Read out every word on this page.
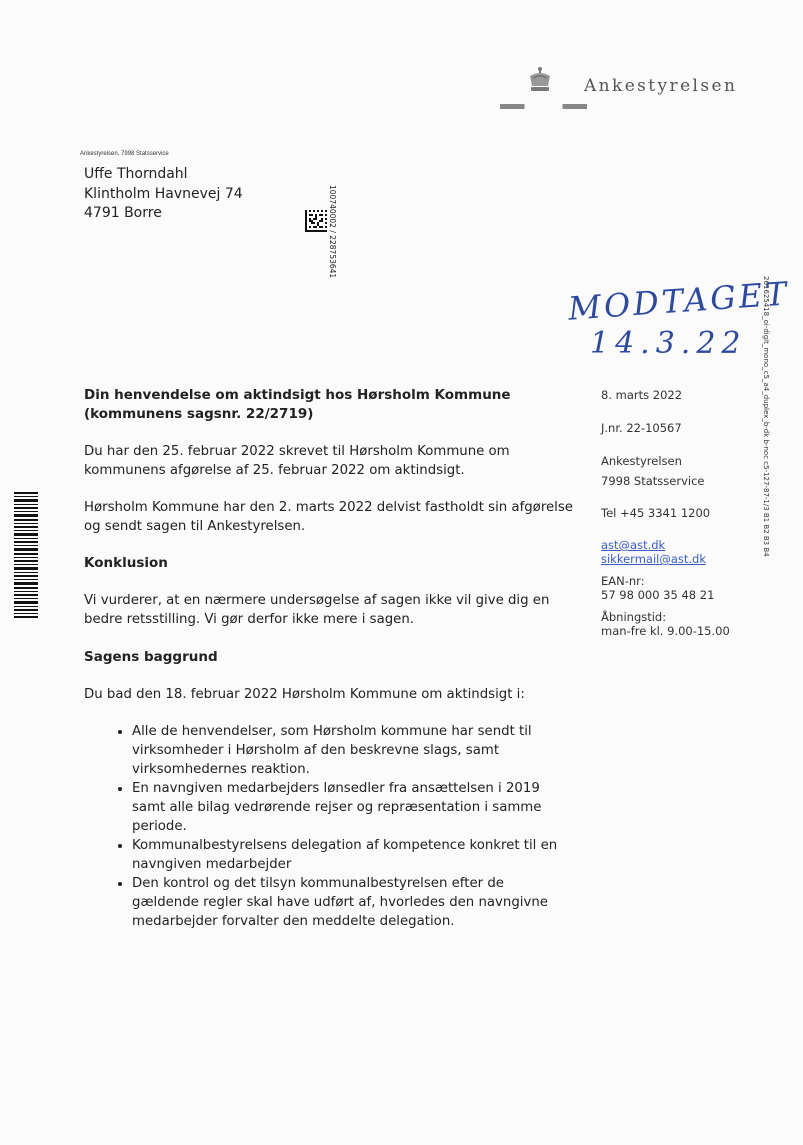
Ankestyrelsen
Ankestyrelsen, 7998 Statsservice
Uffe Thorndahl
Klintholm Havnevej 74
4791 Borre	100740002 / 228753641
261625418_oi-digit_mono_c5_a4_duplex_b-dk b-noc c5-127-87-1/3 B1 B2 B3 B4
MODTAGET
14.3.22
8. marts 2022
J.nr. 22-10567
Ankestyrelsen
7998 Statsservice
Tel +45 3341 1200
ast@ast.dk
sikkermail@ast.dk
EAN-nr:
57 98 000 35 48 21
Åbningstid:
man-fre kl. 9.00-15.00
Din henvendelse om aktindsigt hos Hørsholm Kommune
(kommunens sagsnr. 22/2719)

Du har den 25. februar 2022 skrevet til Hørsholm Kommune om kommunens afgørelse af 25. februar 2022 om aktindsigt.

Hørsholm Kommune har den 2. marts 2022 delvist fastholdt sin afgørelse og sendt sagen til Ankestyrelsen.

Konklusion

Vi vurderer, at en nærmere undersøgelse af sagen ikke vil give dig en bedre retsstilling. Vi gør derfor ikke mere i sagen.

Sagens baggrund

Du bad den 18. februar 2022 Hørsholm Kommune om aktindsigt i:

• Alle de henvendelser, som Hørsholm kommune har sendt til virksomheder i Hørsholm af den beskrevne slags, samt virksomhedernes reaktion.
• En navngiven medarbejders lønsedler fra ansættelsen i 2019 samt alle bilag vedrørende rejser og repræsentation i samme periode.
• Kommunalbestyrelsens delegation af kompetence konkret til en navngiven medarbejder
• Den kontrol og det tilsyn kommunalbestyrelsen efter de gældende regler skal have udført af, hvorledes den navngivne medarbejder forvalter den meddelte delegation.
